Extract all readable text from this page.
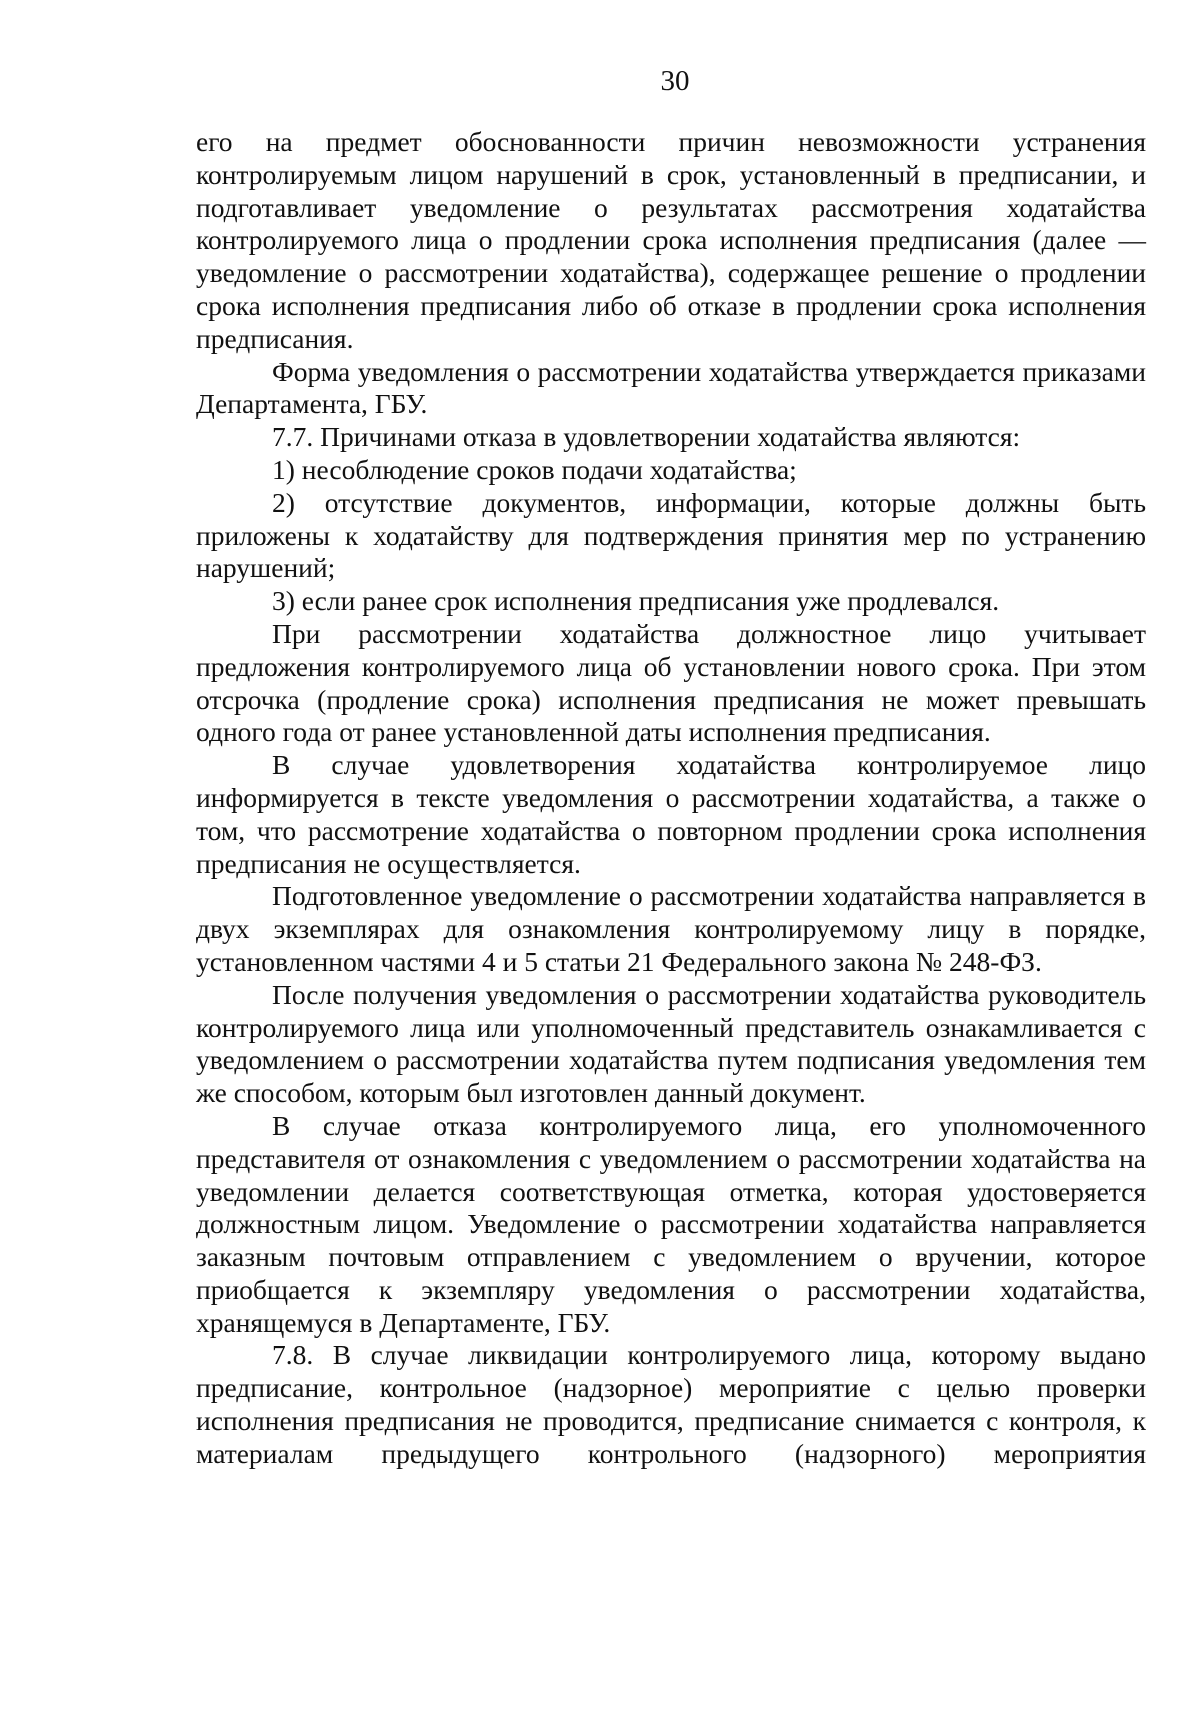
30

его на предмет обоснованности причин невозможности устранения контролируемым лицом нарушений в срок, установленный в предписании, и подготавливает уведомление о результатах рассмотрения ходатайства контролируемого лица о продлении срока исполнения предписания (далее — уведомление о рассмотрении ходатайства), содержащее решение о продлении срока исполнения предписания либо об отказе в продлении срока исполнения предписания.

Форма уведомления о рассмотрении ходатайства утверждается приказами Департамента, ГБУ.

7.7. Причинами отказа в удовлетворении ходатайства являются:

1) несоблюдение сроков подачи ходатайства;

2) отсутствие документов, информации, которые должны быть приложены к ходатайству для подтверждения принятия мер по устранению нарушений;

3) если ранее срок исполнения предписания уже продлевался.

При рассмотрении ходатайства должностное лицо учитывает предложения контролируемого лица об установлении нового срока. При этом отсрочка (продление срока) исполнения предписания не может превышать одного года от ранее установленной даты исполнения предписания.

В случае удовлетворения ходатайства контролируемое лицо информируется в тексте уведомления о рассмотрении ходатайства, а также о том, что рассмотрение ходатайства о повторном продлении срока исполнения предписания не осуществляется.

Подготовленное уведомление о рассмотрении ходатайства направляется в двух экземплярах для ознакомления контролируемому лицу в порядке, установленном частями 4 и 5 статьи 21 Федерального закона № 248-ФЗ.

После получения уведомления о рассмотрении ходатайства руководитель контролируемого лица или уполномоченный представитель ознакамливается с уведомлением о рассмотрении ходатайства путем подписания уведомления тем же способом, которым был изготовлен данный документ.

В случае отказа контролируемого лица, его уполномоченного представителя от ознакомления с уведомлением о рассмотрении ходатайства на уведомлении делается соответствующая отметка, которая удостоверяется должностным лицом. Уведомление о рассмотрении ходатайства направляется заказным почтовым отправлением с уведомлением о вручении, которое приобщается к экземпляру уведомления о рассмотрении ходатайства, хранящемуся в Департаменте, ГБУ.

7.8. В случае ликвидации контролируемого лица, которому выдано предписание, контрольное (надзорное) мероприятие с целью проверки исполнения предписания не проводится, предписание снимается с контроля, к материалам предыдущего контрольного (надзорного) мероприятия
